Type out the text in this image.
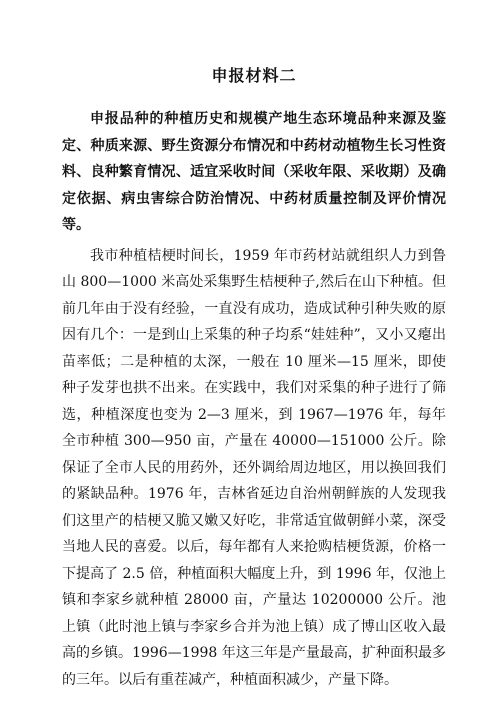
申报材料二

申报品种的种植历史和规模产地生态环境品种来源及鉴定、种质来源、野生资源分布情况和中药材动植物生长习性资料、良种繁育情况、适宜采收时间（采收年限、采收期）及确定依据、病虫害综合防治情况、中药材质量控制及评价情况等。

我市种植桔梗时间长，1959 年市药材站就组织人力到鲁山 800—1000 米高处采集野生桔梗种子,然后在山下种植。但前几年由于没有经验，一直没有成功，造成试种引种失败的原因有几个：一是到山上采集的种子均系“娃娃种”，又小又瘪出苗率低；二是种植的太深，一般在 10 厘米—15 厘米，即使种子发芽也拱不出来。在实践中，我们对采集的种子进行了筛选，种植深度也变为 2—3 厘米，到 1967—1976 年，每年全市种植 300—950 亩，产量在 40000—151000 公斤。除保证了全市人民的用药外，还外调给周边地区，用以换回我们的紧缺品种。1976 年，吉林省延边自治州朝鲜族的人发现我们这里产的桔梗又脆又嫩又好吃，非常适宜做朝鲜小菜，深受当地人民的喜爱。以后，每年都有人来抢购桔梗货源，价格一下提高了 2.5 倍，种植面积大幅度上升，到 1996 年，仅池上镇和李家乡就种植 28000 亩，产量达 10200000 公斤。池上镇（此时池上镇与李家乡合并为池上镇）成了博山区收入最高的乡镇。1996—1998 年这三年是产量最高，扩种面积最多的三年。以后有重茬减产，种植面积减少，产量下降。
